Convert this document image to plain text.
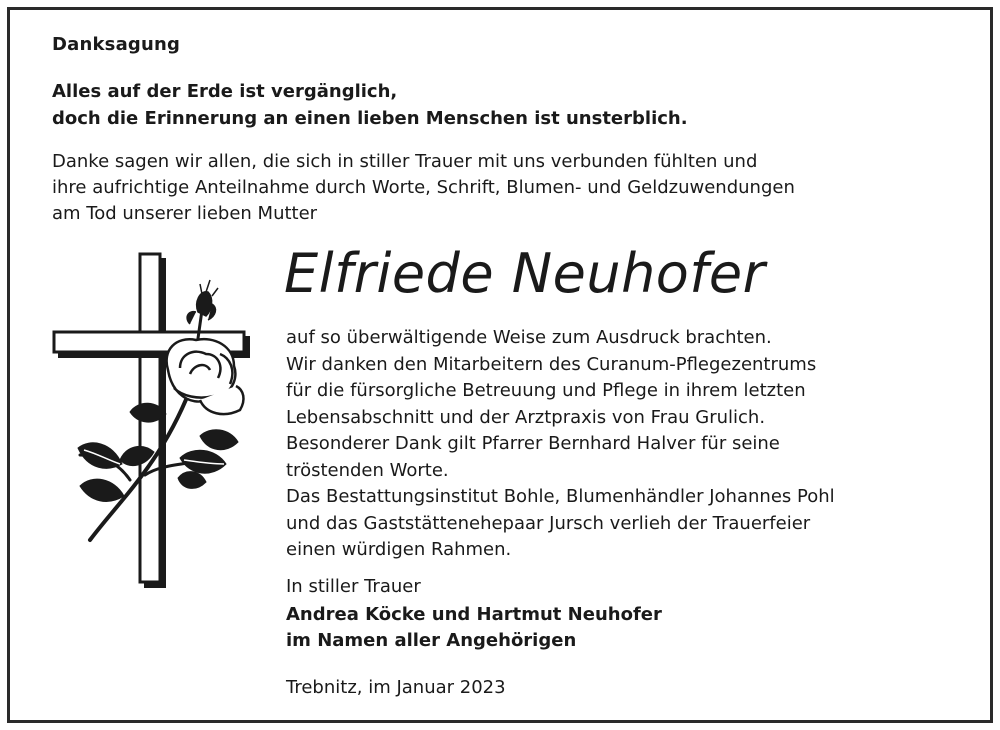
Danksagung
Alles auf der Erde ist vergänglich,
doch die Erinnerung an einen lieben Menschen ist unsterblich.
Danke sagen wir allen, die sich in stiller Trauer mit uns verbunden fühlten und
ihre aufrichtige Anteilnahme durch Worte, Schrift, Blumen- und Geldzuwendungen
am Tod unserer lieben Mutter
Elfriede Neuhofer
auf so überwältigende Weise zum Ausdruck brachten.
Wir danken den Mitarbeitern des Curanum-Pflegezentrums
für die fürsorgliche Betreuung und Pflege in ihrem letzten
Lebensabschnitt und der Arztpraxis von Frau Grulich.
Besonderer Dank gilt Pfarrer Bernhard Halver für seine
tröstenden Worte.
Das Bestattungsinstitut Bohle, Blumenhändler Johannes Pohl
und das Gaststättenehepaar Jursch verlieh der Trauerfeier
einen würdigen Rahmen.
In stiller Trauer
Andrea Köcke und Hartmut Neuhofer
im Namen aller Angehörigen
Trebnitz, im Januar 2023
